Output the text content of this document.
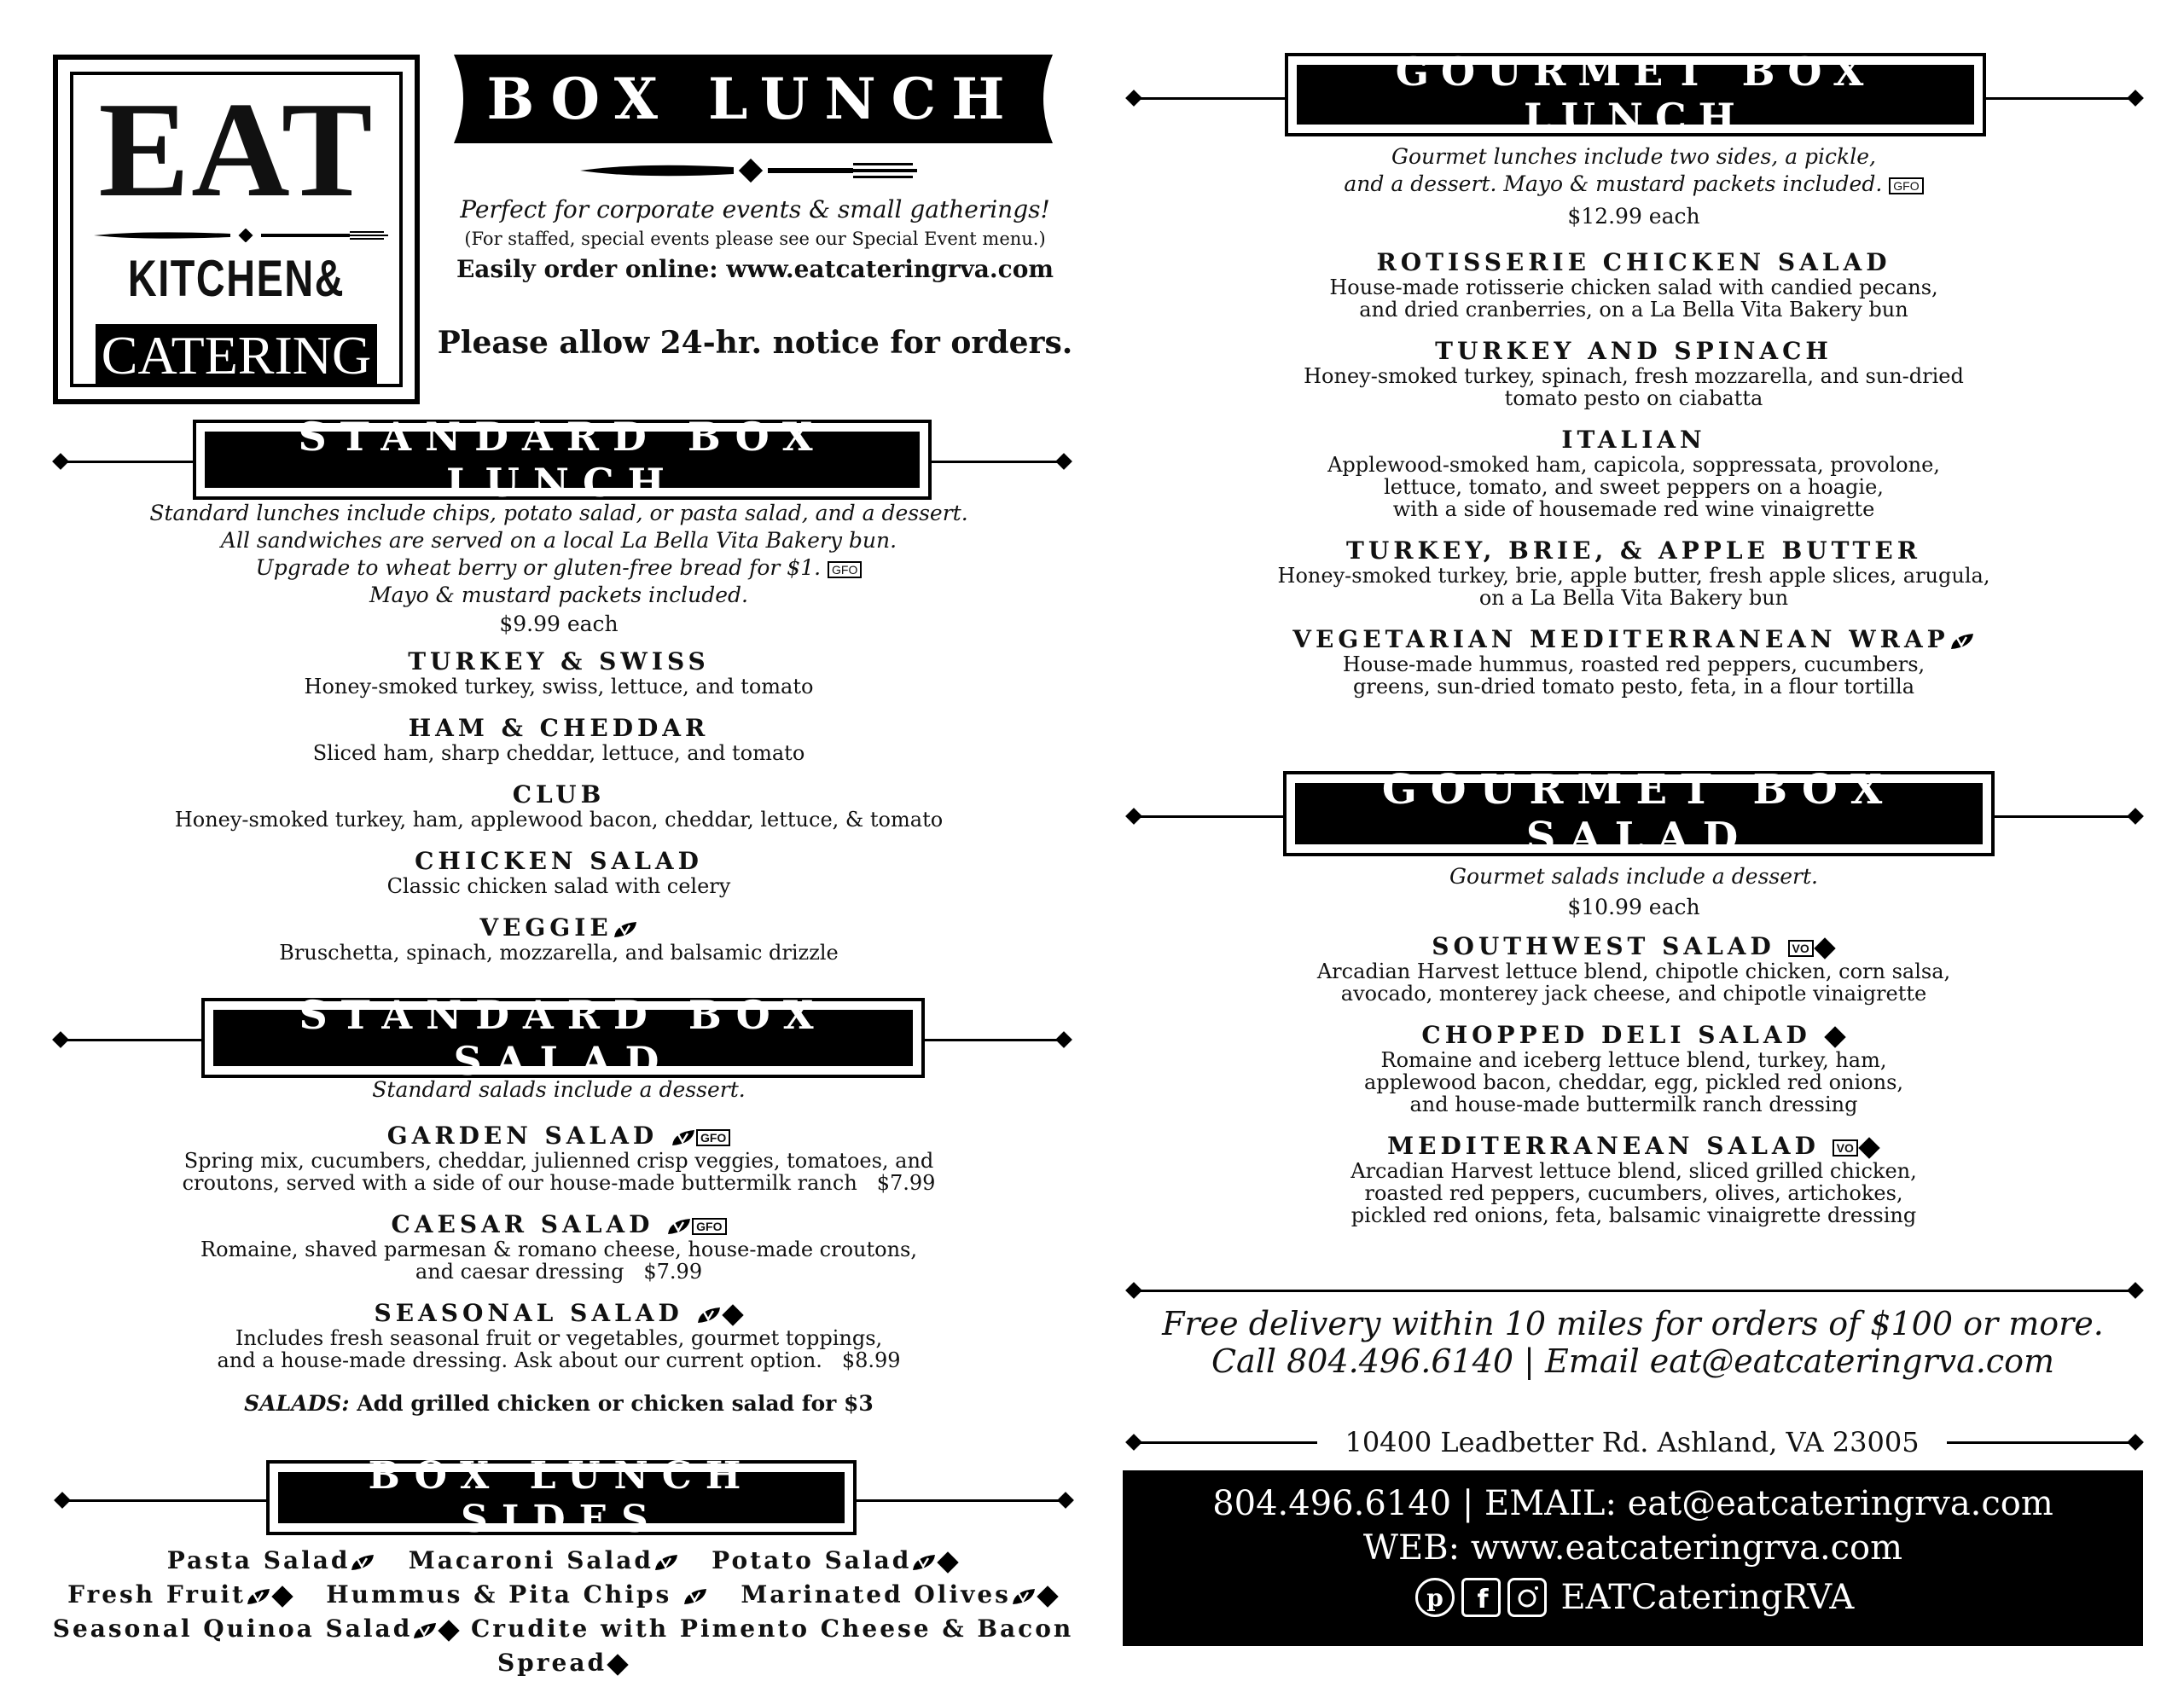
EAT
KITCHEN&
CATERING
BOX LUNCH
Perfect for corporate events & small gatherings!
(For staffed, special events please see our Special Event menu.)
Easily order online: www.eatcateringrva.com
Please allow 24-hr. notice for orders.
STANDARD BOX LUNCH
Standard lunches include chips, potato salad, or pasta salad, and a dessert.
All sandwiches are served on a local La Bella Vita Bakery bun.
Upgrade to wheat berry or gluten-free bread for $1. GFO
Mayo & mustard packets included.
$9.99 each
TURKEY & SWISS
Honey-smoked turkey, swiss, lettuce, and tomato
HAM & CHEDDAR
Sliced ham, sharp cheddar, lettuce, and tomato
CLUB
Honey-smoked turkey, ham, applewood bacon, cheddar, lettuce, & tomato
CHICKEN SALAD
Classic chicken salad with celery
VEGGIE
Bruschetta, spinach, mozzarella, and balsamic drizzle
STANDARD BOX SALAD
Standard salads include a dessert.
GARDEN SALAD	GFO
Spring mix, cucumbers, cheddar, julienned crisp veggies, tomatoes, and
croutons, served with a side of our house-made buttermilk ranch $7.99
CAESAR SALAD	GFO
Romaine, shaved parmesan & romano cheese, house-made croutons,
and caesar dressing $7.99
SEASONAL SALAD
Includes fresh seasonal fruit or vegetables, gourmet toppings,
and a house-made dressing. Ask about our current option. $8.99
SALADS: Add grilled chicken or chicken salad for $3
BOX LUNCH SIDES
Pasta Salad Macaroni Salad Potato Salad
Fresh Fruit	Hummus & Pita Chips	Marinated Olives
Seasonal Quinoa Salad Crudite with Pimento Cheese & Bacon Spread
GOURMET BOX LUNCH
Gourmet lunches include two sides, a pickle,
and a dessert. Mayo & mustard packets included. GFO
$12.99 each
ROTISSERIE CHICKEN SALAD
House-made rotisserie chicken salad with candied pecans,
and dried cranberries, on a La Bella Vita Bakery bun
TURKEY AND SPINACH
Honey-smoked turkey, spinach, fresh mozzarella, and sun-dried
tomato pesto on ciabatta
ITALIAN
Applewood-smoked ham, capicola, soppressata, provolone,
lettuce, tomato, and sweet peppers on a hoagie,
with a side of housemade red wine vinaigrette
TURKEY, BRIE, & APPLE BUTTER
Honey-smoked turkey, brie, apple butter, fresh apple slices, arugula,
on a La Bella Vita Bakery bun
VEGETARIAN MEDITERRANEAN WRAP
House-made hummus, roasted red peppers, cucumbers,
greens, sun-dried tomato pesto, feta, in a flour tortilla
GOURMET BOX SALAD
Gourmet salads include a dessert.
$10.99 each
SOUTHWEST SALAD VO
Arcadian Harvest lettuce blend, chipotle chicken, corn salsa,
avocado, monterey jack cheese, and chipotle vinaigrette
CHOPPED DELI SALAD
Romaine and iceberg lettuce blend, turkey, ham,
applewood bacon, cheddar, egg, pickled red onions,
and house-made buttermilk ranch dressing
MEDITERRANEAN SALAD VO
Arcadian Harvest lettuce blend, sliced grilled chicken,
roasted red peppers, cucumbers, olives, artichokes,
pickled red onions, feta, balsamic vinaigrette dressing
Free delivery within 10 miles for orders of $100 or more.
Call 804.496.6140 | Email eat@eatcateringrva.com
10400 Leadbetter Rd. Ashland, VA 23005
804.496.6140 | EMAIL: eat@eatcateringrva.com
WEB: www.eatcateringrva.com
p f EATCateringRVA
